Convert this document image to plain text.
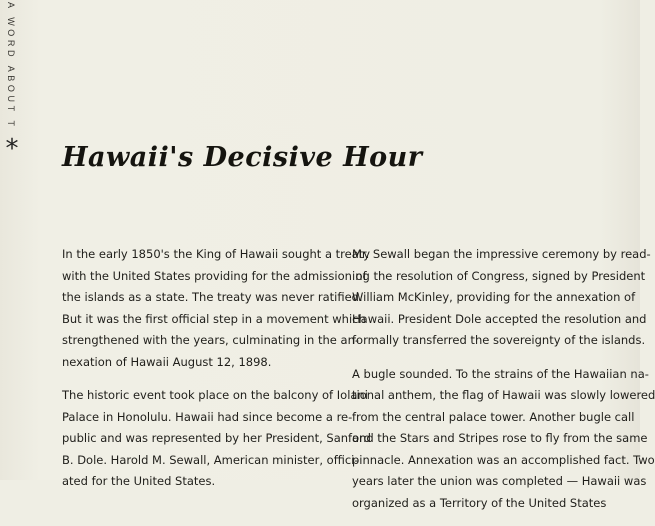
A WORD ABOUT T
* Hawaii's Decisive Hour

In the early 1850's the King of Hawaii sought a treaty
with the United States providing for the admission of
the islands as a state. The treaty was never ratified.
But it was the first official step in a movement which
strengthened with the years, culminating in the an-
nexation of Hawaii August 12, 1898.

The historic event took place on the balcony of Iolani
Palace in Honolulu. Hawaii had since become a re-
public and was represented by her President, Sanford
B. Dole. Harold M. Sewall, American minister, offici-
ated for the United States.

Mr. Sewall began the impressive ceremony by read-
ing the resolution of Congress, signed by President
William McKinley, providing for the annexation of
Hawaii. President Dole accepted the resolution and
formally transferred the sovereignty of the islands.

A bugle sounded. To the strains of the Hawaiian na-
tional anthem, the flag of Hawaii was slowly lowered
from the central palace tower. Another bugle call
and the Stars and Stripes rose to fly from the same
pinnacle. Annexation was an accomplished fact. Two
years later the union was completed — Hawaii was
organized as a Territory of the United States
